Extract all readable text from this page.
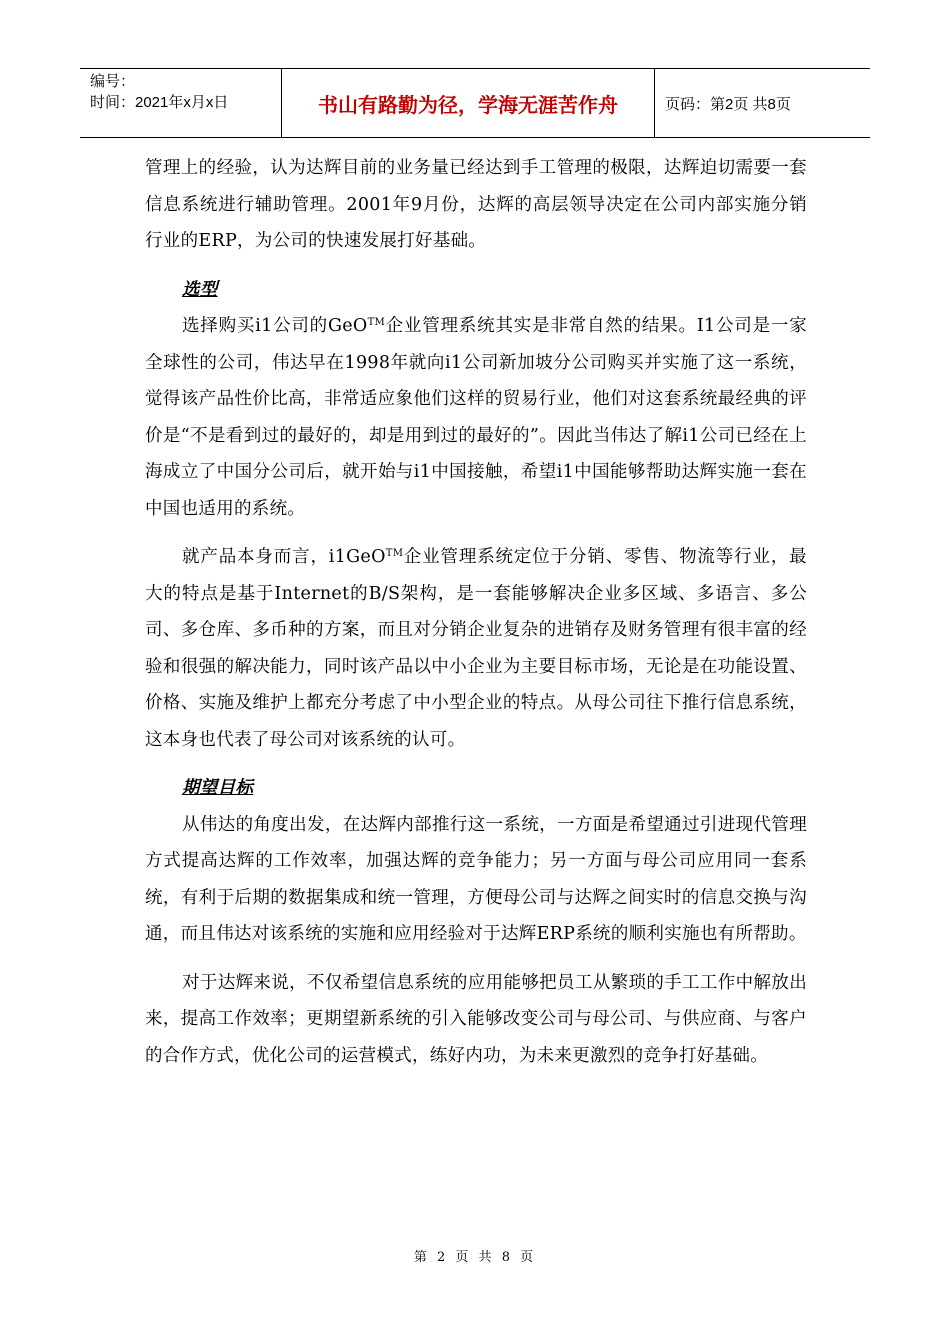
编号：
时间：2021年x月x日	书山有路勤为径，学海无涯苦作舟	页码：第2页 共8页

管理上的经验，认为达辉目前的业务量已经达到手工管理的极限，达辉迫切需要一套信息系统进行辅助管理。2001年9月份，达辉的高层领导决定在公司内部实施分销行业的ERP，为公司的快速发展打好基础。

选型

选择购买i1公司的GeO™企业管理系统其实是非常自然的结果。I1公司是一家全球性的公司，伟达早在1998年就向i1公司新加坡分公司购买并实施了这一系统，觉得该产品性价比高，非常适应象他们这样的贸易行业，他们对这套系统最经典的评价是“不是看到过的最好的，却是用到过的最好的”。因此当伟达了解i1公司已经在上海成立了中国分公司后，就开始与i1中国接触，希望i1中国能够帮助达辉实施一套在中国也适用的系统。

就产品本身而言，i1GeO™企业管理系统定位于分销、零售、物流等行业，最大的特点是基于Internet的B/S架构，是一套能够解决企业多区域、多语言、多公司、多仓库、多币种的方案，而且对分销企业复杂的进销存及财务管理有很丰富的经验和很强的解决能力，同时该产品以中小企业为主要目标市场，无论是在功能设置、价格、实施及维护上都充分考虑了中小型企业的特点。从母公司往下推行信息系统，这本身也代表了母公司对该系统的认可。

期望目标

从伟达的角度出发，在达辉内部推行这一系统，一方面是希望通过引进现代管理方式提高达辉的工作效率，加强达辉的竞争能力；另一方面与母公司应用同一套系统，有利于后期的数据集成和统一管理，方便母公司与达辉之间实时的信息交换与沟通，而且伟达对该系统的实施和应用经验对于达辉ERP系统的顺利实施也有所帮助。

对于达辉来说，不仅希望信息系统的应用能够把员工从繁琐的手工工作中解放出来，提高工作效率；更期望新系统的引入能够改变公司与母公司、与供应商、与客户的合作方式，优化公司的运营模式，练好内功，为未来更激烈的竞争打好基础。

第 2 页 共 8 页
